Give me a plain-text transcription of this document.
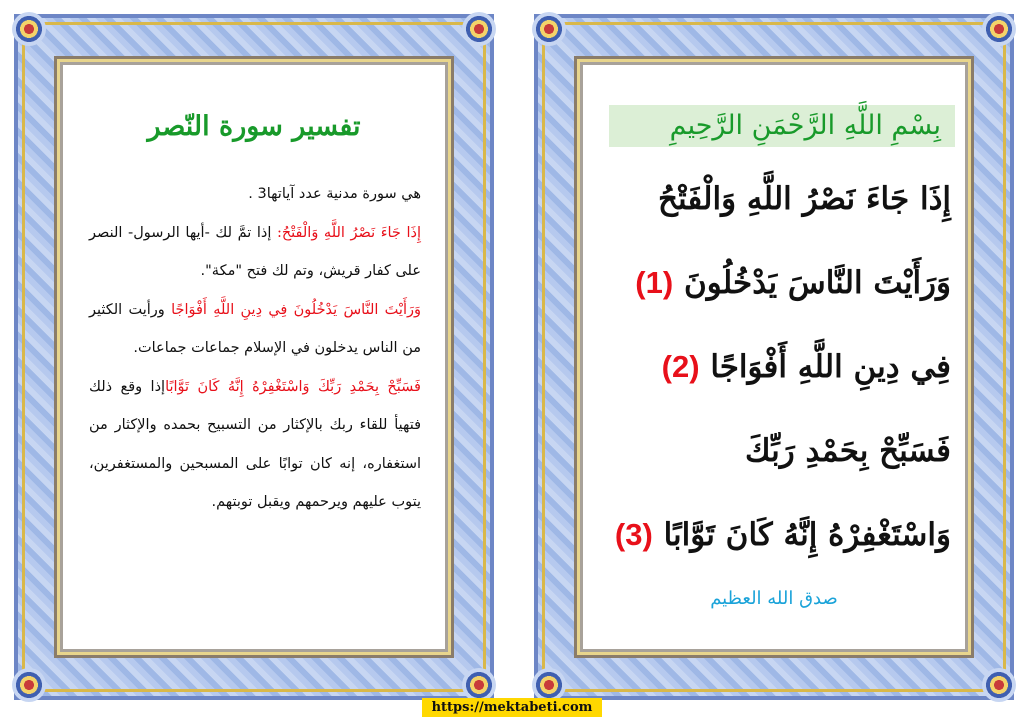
تفسير سورة النّصر
هي سورة مدنية عدد آياتها3 .
إِذَا جَاءَ نَصْرُ اللَّهِ وَالْفَتْحُ: إذا تمَّ لك -أيها الرسول- النصر على كفار قريش، وتم لك فتح "مكة".
وَرَأَيْتَ النَّاسَ يَدْخُلُونَ فِي دِينِ اللَّهِ أَفْوَاجًا ورأيت الكثير من الناس يدخلون في الإسلام جماعات جماعات.
فَسَبِّحْ بِحَمْدِ رَبِّكَ وَاسْتَغْفِرْهُ إِنَّهُ كَانَ تَوَّابًاإذا وقع ذلك فتهيأ للقاء ربك بالإكثار من التسبيح بحمده والإكثار من استغفاره، إنه كان توابًا على المسبحين والمستغفرين، يتوب عليهم ويرحمهم ويقبل توبتهم.
بِسْمِ اللَّهِ الرَّحْمَنِ الرَّحِيمِ
إِذَا جَاءَ نَصْرُ اللَّهِ وَالْفَتْحُ
وَرَأَيْتَ النَّاسَ يَدْخُلُونَ (1)
فِي دِينِ اللَّهِ أَفْوَاجًا (2)
فَسَبِّحْ بِحَمْدِ رَبِّكَ
وَاسْتَغْفِرْهُ إِنَّهُ كَانَ تَوَّابًا (3)
صدق الله العظيم
https://mektabeti.com
